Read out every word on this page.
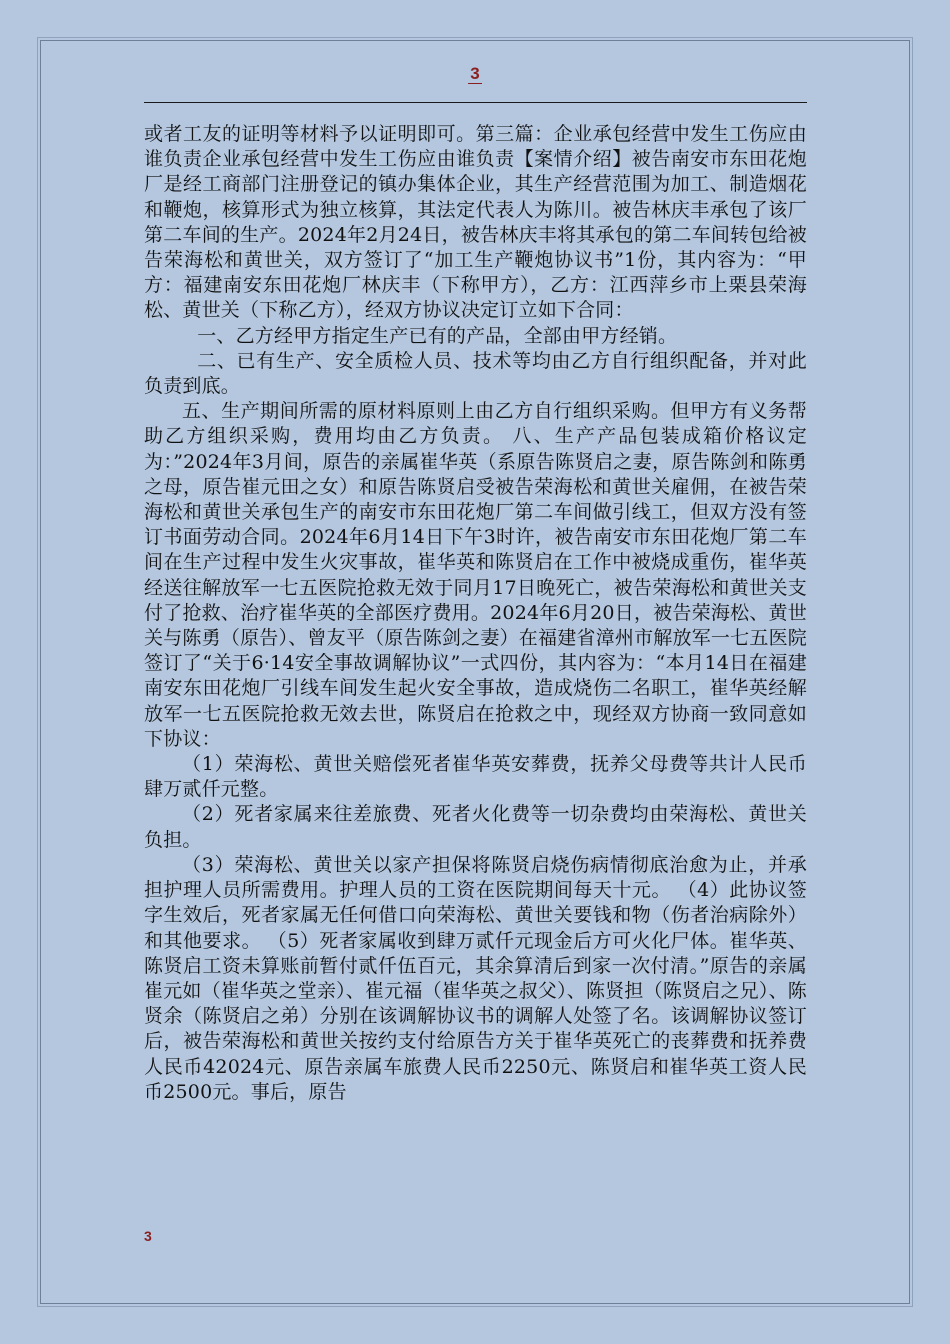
3

或者工友的证明等材料予以证明即可。第三篇：企业承包经营中发生工伤应由谁负责企业承包经营中发生工伤应由谁负责【案情介绍】被告南安市东田花炮厂是经工商部门注册登记的镇办集体企业，其生产经营范围为加工、制造烟花和鞭炮，核算形式为独立核算，其法定代表人为陈川。被告林庆丰承包了该厂第二车间的生产。2024年2月24日，被告林庆丰将其承包的第二车间转包给被告荣海松和黄世关，双方签订了“加工生产鞭炮协议书”1份，其内容为：“甲方：福建南安东田花炮厂林庆丰（下称甲方），乙方：江西萍乡市上栗县荣海松、黄世关（下称乙方），经双方协议决定订立如下合同：

一、乙方经甲方指定生产已有的产品，全部由甲方经销。

二、已有生产、安全质检人员、技术等均由乙方自行组织配备，并对此负责到底。

五、生产期间所需的原材料原则上由乙方自行组织采购。但甲方有义务帮助乙方组织采购，费用均由乙方负责。 八、生产产品包装成箱价格议定为：”2024年3月间，原告的亲属崔华英（系原告陈贤启之妻，原告陈剑和陈勇之母，原告崔元田之女）和原告陈贤启受被告荣海松和黄世关雇佣，在被告荣海松和黄世关承包生产的南安市东田花炮厂第二车间做引线工，但双方没有签订书面劳动合同。2024年6月14日下午3时许，被告南安市东田花炮厂第二车间在生产过程中发生火灾事故，崔华英和陈贤启在工作中被烧成重伤，崔华英经送往解放军一七五医院抢救无效于同月17日晚死亡，被告荣海松和黄世关支付了抢救、治疗崔华英的全部医疗费用。2024年6月20日，被告荣海松、黄世关与陈勇（原告）、曾友平（原告陈剑之妻）在福建省漳州市解放军一七五医院签订了“关于6·14安全事故调解协议”一式四份，其内容为：“本月14日在福建南安东田花炮厂引线车间发生起火安全事故，造成烧伤二名职工，崔华英经解放军一七五医院抢救无效去世，陈贤启在抢救之中，现经双方协商一致同意如下协议：

（1）荣海松、黄世关赔偿死者崔华英安葬费，抚养父母费等共计人民币肆万贰仟元整。

（2）死者家属来往差旅费、死者火化费等一切杂费均由荣海松、黄世关负担。

（3）荣海松、黄世关以家产担保将陈贤启烧伤病情彻底治愈为止，并承担护理人员所需费用。护理人员的工资在医院期间每天十元。 （4）此协议签字生效后，死者家属无任何借口向荣海松、黄世关要钱和物（伤者治病除外）和其他要求。 （5）死者家属收到肆万贰仟元现金后方可火化尸体。崔华英、陈贤启工资未算账前暂付贰仟伍百元，其余算清后到家一次付清。”原告的亲属崔元如（崔华英之堂亲）、崔元福（崔华英之叔父）、陈贤担（陈贤启之兄）、陈贤余（陈贤启之弟）分别在该调解协议书的调解人处签了名。该调解协议签订后，被告荣海松和黄世关按约支付给原告方关于崔华英死亡的丧葬费和抚养费人民币42024元、原告亲属车旅费人民币2250元、陈贤启和崔华英工资人民币2500元。事后，原告

3
